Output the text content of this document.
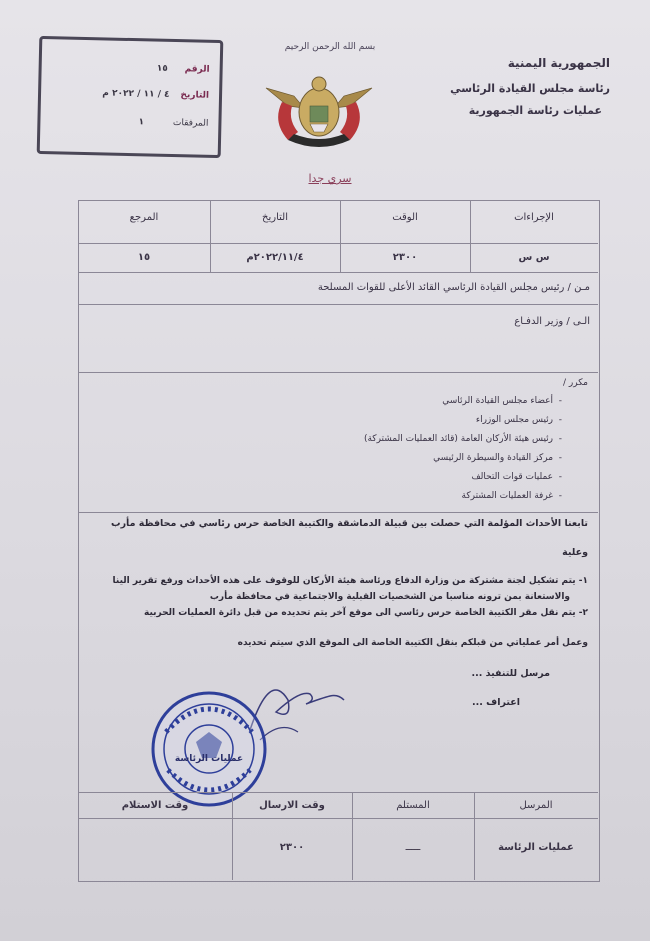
الجمهورية اليمنية
رئاسة مجلس القيادة الرئاسي
عمليات رئاسة الجمهورية
بسم الله الرحمن الرحيم
الرقم ١٥
التاريخ ٤ / ١١ / ٢٠٢٢ م
المرفقات ١
سري جدا
الإجراءات
الوقت
التاريخ
المرجع
س س
٢٣٠٠
٢٠٢٢/١١/٤م
١٥
مـن / رئيس مجلس القيادة الرئاسي القائد الأعلى للقوات المسلحة
الـى / وزير الدفـاع
مكرر /
-  أعضاء مجلس القيادة الرئاسي
-  رئيس مجلس الوزراء
-  رئيس هيئة الأركان العامة (قائد العمليات المشتركة)
-  مركز القيادة والسيطرة الرئيسي
-  عمليات قوات التحالف
-  غرفة العمليات المشتركة
تابعنا الأحداث المؤلمة التي حصلت بين قبيلة الدماشقة والكتيبة الخاصة حرس رئاسي في محافظة مأرب
وعلية
١- يتم تشكيل لجنة مشتركة من وزارة الدفاع ورئاسة هيئة الأركان للوقوف على هذه الأحداث ورفع تقرير الينا
والاستعانة بمن ترونه مناسبا من الشخصيات القبلية والاجتماعية في محافظة مأرب
٢- يتم نقل مقر الكتيبة الخاصة حرس رئاسي الى موقع آخر يتم تحديده من قبل دائرة العمليات الحربية
وعمل أمر عملياتي من قبلكم بنقل الكتيبة الخاصة الى الموقع الذي سيتم تحديده
مرسل للتنفيذ ...
اعتراف ...
عمليات الرئاسة
المرسل
المستلم
وقت الارسال
وقت الاستلام
عمليات الرئاسة
ـــــ
٢٣٠٠
